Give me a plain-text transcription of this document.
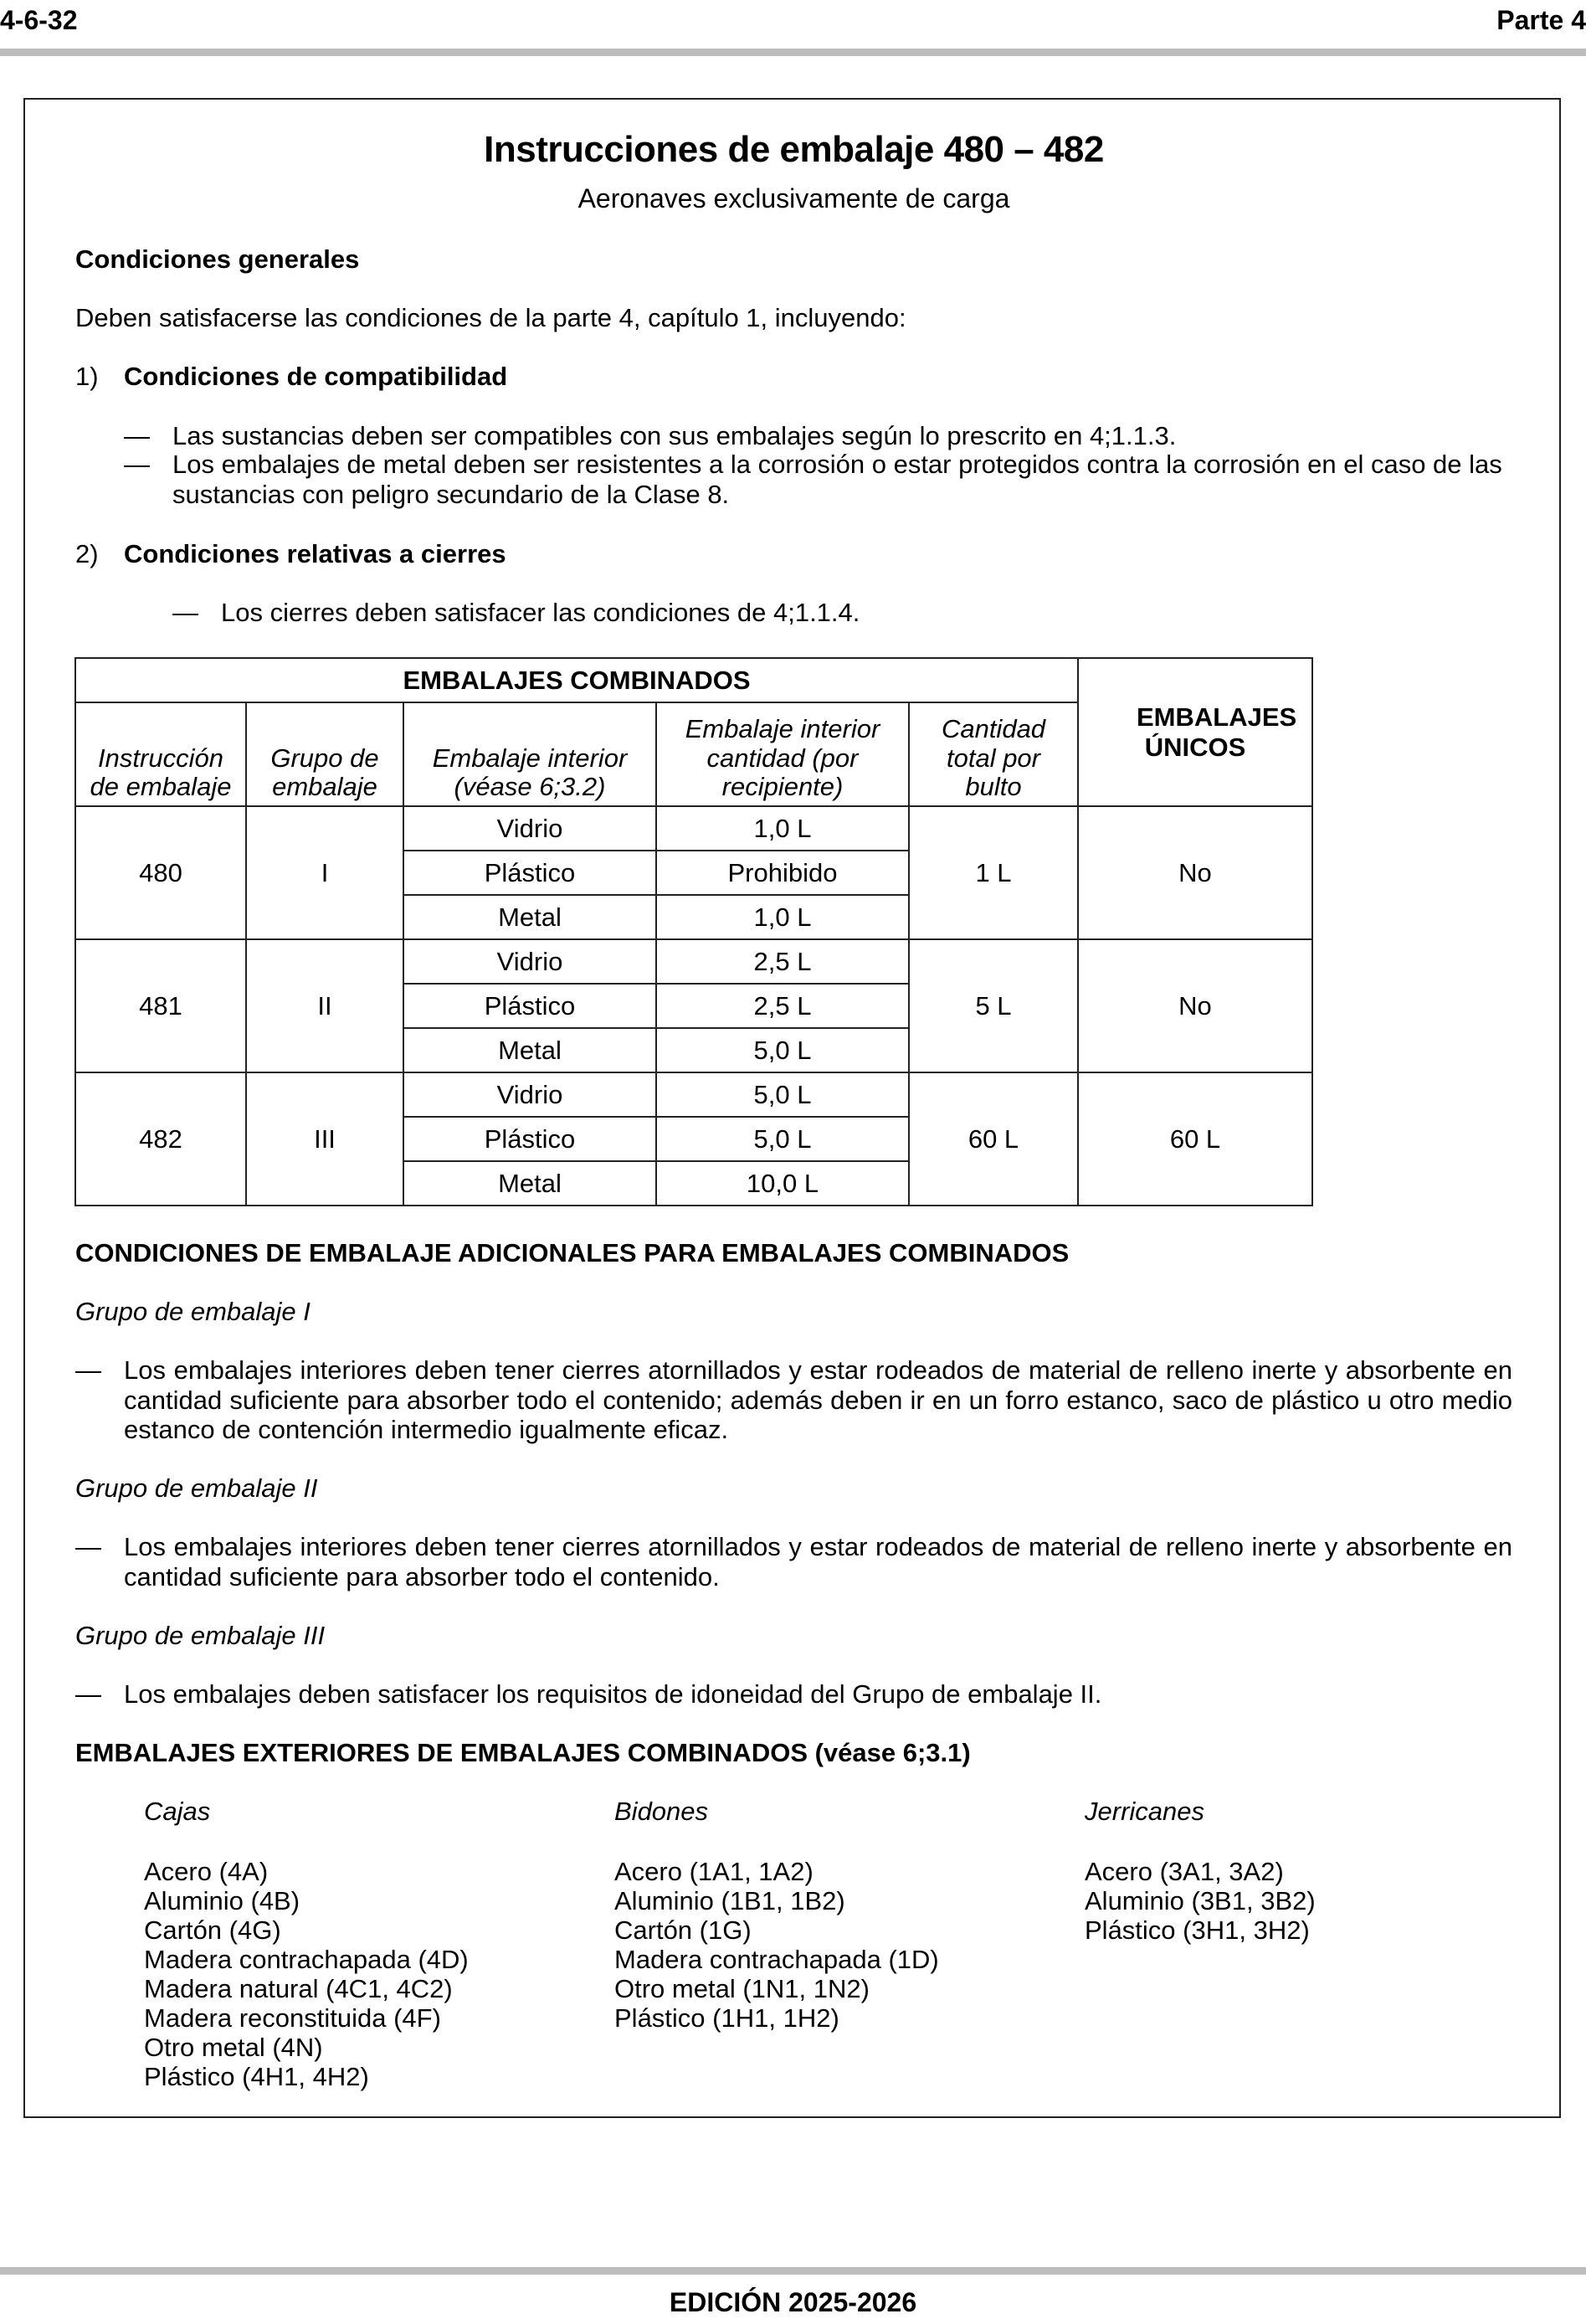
4-6-32	Parte 4
EDICIÓN 2025-2026
Instrucciones de embalaje 480 – 482
Aeronaves exclusivamente de carga
Condiciones generales
Deben satisfacerse las condiciones de la parte 4, capítulo 1, incluyendo:
1) Condiciones de compatibilidad
— Las sustancias deben ser compatibles con sus embalajes según lo prescrito en 4;1.1.3.
— Los embalajes de metal deben ser resistentes a la corrosión o estar protegidos contra la corrosión en el caso de las sustancias con peligro secundario de la Clase 8.
2) Condiciones relativas a cierres
— Los cierres deben satisfacer las condiciones de 4;1.1.4.
CONDICIONES DE EMBALAJE ADICIONALES PARA EMBALAJES COMBINADOS
Grupo de embalaje I
— Los embalajes interiores deben tener cierres atornillados y estar rodeados de material de relleno inerte y absorbente en cantidad suficiente para absorber todo el contenido; además deben ir en un forro estanco, saco de plástico u otro medio estanco de contención intermedio igualmente eficaz.
Grupo de embalaje II
— Los embalajes interiores deben tener cierres atornillados y estar rodeados de material de relleno inerte y absorbente en cantidad suficiente para absorber todo el contenido.
Grupo de embalaje III
— Los embalajes deben satisfacer los requisitos de idoneidad del Grupo de embalaje II.
EMBALAJES EXTERIORES DE EMBALAJES COMBINADOS (véase 6;3.1)
Cajas
Acero (4A)
Aluminio (4B)
Cartón (4G)
Madera contrachapada (4D)
Madera natural (4C1, 4C2)
Madera reconstituida (4F)
Otro metal (4N)
Plástico (4H1, 4H2)
Bidones
Acero (1A1, 1A2)
Aluminio (1B1, 1B2)
Cartón (1G)
Madera contrachapada (1D)
Otro metal (1N1, 1N2)
Plástico (1H1, 1H2)
Jerricanes
Acero (3A1, 3A2)
Aluminio (3B1, 3B2)
Plástico (3H1, 3H2)
EMBALAJES COMBINADOS					EMBALAJES ÚNICOS
Instrucción de embalaje	Grupo de embalaje	Embalaje interior (véase 6;3.2)	Embalaje interior cantidad (por recipiente)	Cantidad total por bulto	
480	I	Vidrio	1,0 L	1 L	No
		Plástico	Prohibido		
		Metal	1,0 L		
481	II	Vidrio	2,5 L	5 L	No
		Plástico	2,5 L		
		Metal	5,0 L		
482	III	Vidrio	5,0 L	60 L	60 L
		Plástico	5,0 L		
		Metal	10,0 L		
